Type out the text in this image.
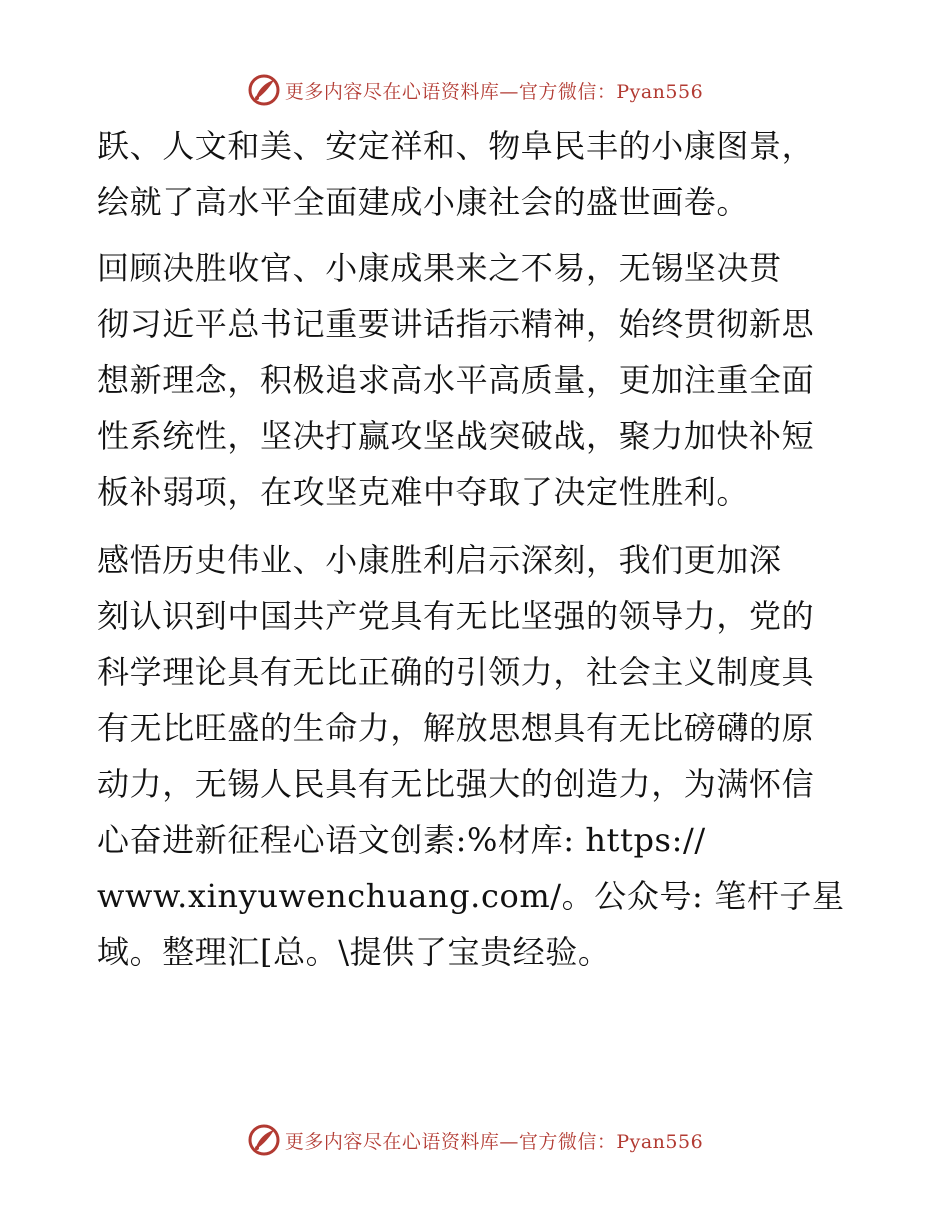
更多内容尽在心语资料库—官方微信：Pyan556
跃、人文和美、安定祥和、物阜民丰的小康图景，
绘就了高水平全面建成小康社会的盛世画卷。
回顾决胜收官、小康成果来之不易，无锡坚决贯
彻习近平总书记重要讲话指示精神，始终贯彻新思
想新理念，积极追求高水平高质量，更加注重全面
性系统性，坚决打赢攻坚战突破战，聚力加快补短
板补弱项，在攻坚克难中夺取了决定性胜利。
感悟历史伟业、小康胜利启示深刻，我们更加深
刻认识到中国共产党具有无比坚强的领导力，党的
科学理论具有无比正确的引领力，社会主义制度具
有无比旺盛的生命力，解放思想具有无比磅礴的原
动力，无锡人民具有无比强大的创造力，为满怀信
心奋进新征程心语文创素:%材库: https://
www.xinyuwenchuang.com/。公众号: 笔杆子星
域。整理汇[总。\提供了宝贵经验。
更多内容尽在心语资料库—官方微信：Pyan556
